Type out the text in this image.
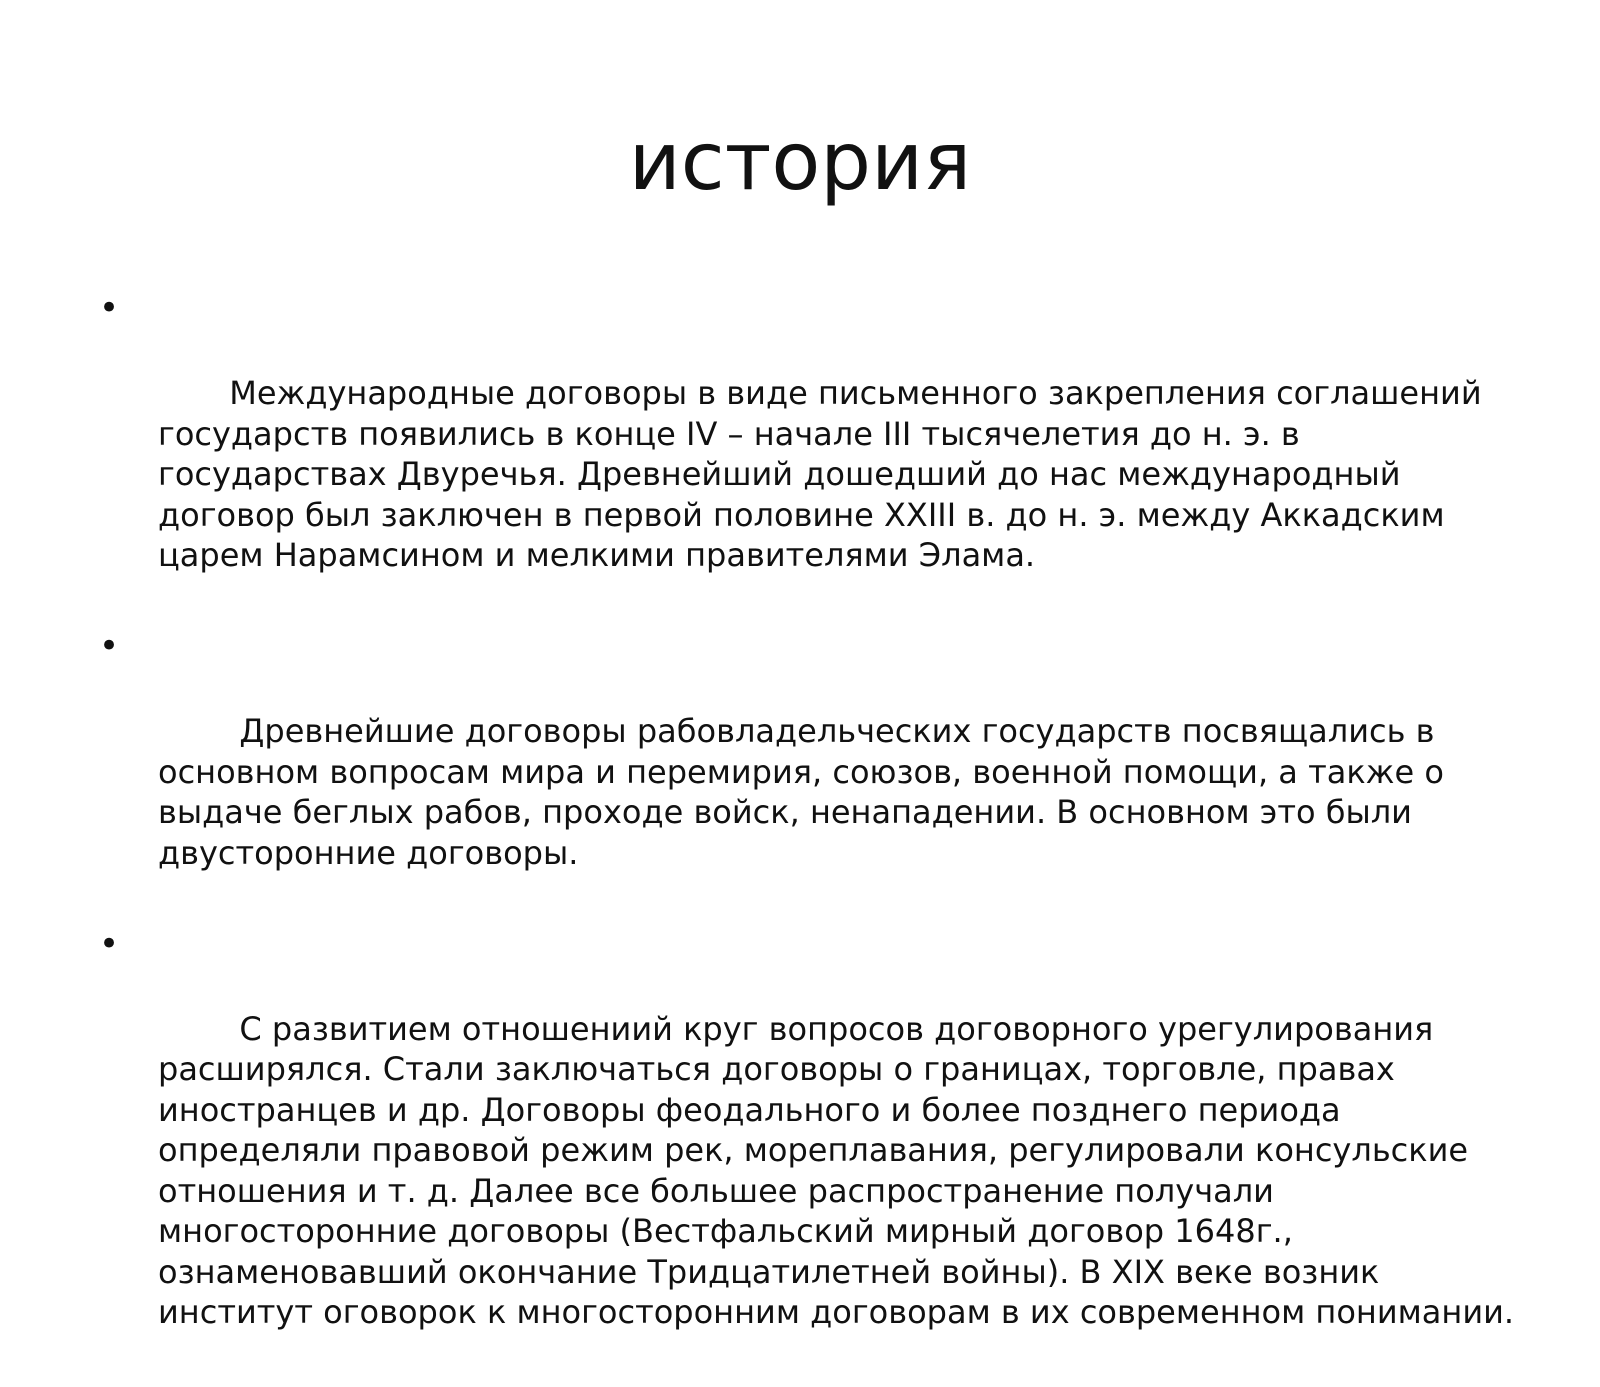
история

•

Международные договоры в виде письменного закрепления соглашений государств появились в конце IV – начале III тысячелетия до н. э. в государствах Двуречья. Древнейший дошедший до нас международный договор был заключен в первой половине XXIII в. до н. э. между Аккадским царем Нарамсином и мелкими правителями Элама.

•

Древнейшие договоры рабовладельческих государств посвящались в основном вопросам мира и перемирия, союзов, военной помощи, а также о выдаче беглых рабов, проходе войск, ненападении. В основном это были двусторонние договоры.

•

С развитием отношениий круг вопросов договорного урегулирования расширялся. Стали заключаться договоры о границах, торговле, правах иностранцев и др. Договоры феодального и более позднего периода определяли правовой режим рек, мореплавания, регулировали консульские отношения и т. д. Далее все большее распространение получали многосторонние договоры (Вестфальский мирный договор 1648г., ознаменовавший окончание Тридцатилетней войны). В XIX веке возник институт оговорок к многосторонним договорам в их современном понимании.
